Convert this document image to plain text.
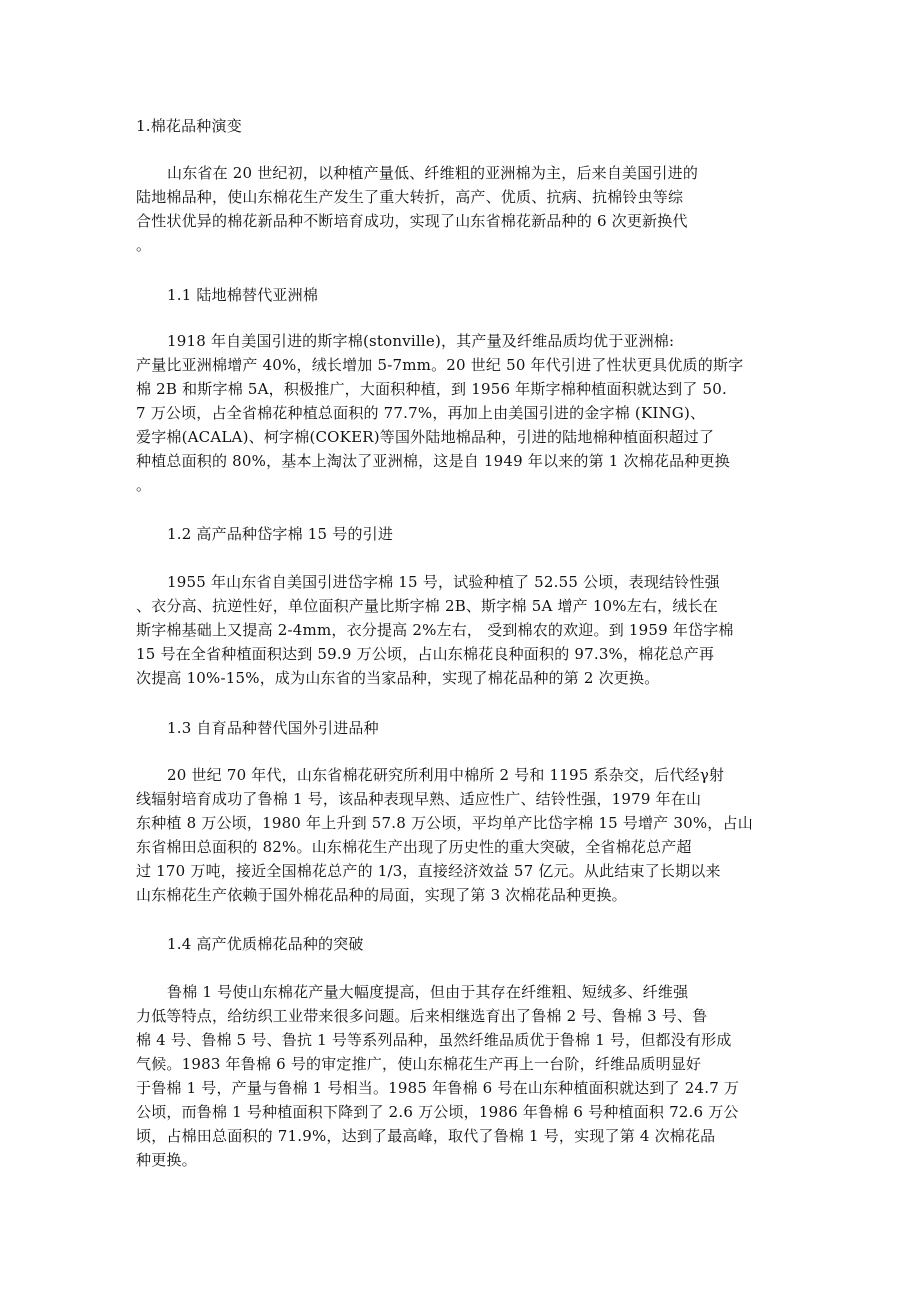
1.棉花品种演变
山东省在 20 世纪初，以种植产量低、纤维粗的亚洲棉为主，后来自美国引进的
陆地棉品种，使山东棉花生产发生了重大转折，高产、优质、抗病、抗棉铃虫等综
合性状优异的棉花新品种不断培育成功，实现了山东省棉花新品种的 6 次更新换代
。
1.1 陆地棉替代亚洲棉
1918 年自美国引进的斯字棉(stonville)，其产量及纤维品质均优于亚洲棉:
产量比亚洲棉增产 40%，绒长增加 5-7mm。20 世纪 50 年代引进了性状更具优质的斯字
棉 2B 和斯字棉 5A，积极推广，大面积种植，到 1956 年斯字棉种植面积就达到了 50.
7 万公顷，占全省棉花种植总面积的 77.7%，再加上由美国引进的金字棉 (KING)、
爱字棉(ACALA)、柯字棉(COKER)等国外陆地棉品种，引进的陆地棉种植面积超过了
种植总面积的 80%，基本上淘汰了亚洲棉，这是自 1949 年以来的第 1 次棉花品种更换
。
1.2 高产品种岱字棉 15 号的引进
1955 年山东省自美国引进岱字棉 15 号，试验种植了 52.55 公顷，表现结铃性强
、衣分高、抗逆性好，单位面积产量比斯字棉 2B、斯字棉 5A 增产 10%左右，绒长在
斯字棉基础上又提高 2-4mm，衣分提高 2%左右， 受到棉农的欢迎。到 1959 年岱字棉
15 号在全省种植面积达到 59.9 万公顷，占山东棉花良种面积的 97.3%，棉花总产再
次提高 10%-15%，成为山东省的当家品种，实现了棉花品种的第 2 次更换。
1.3 自育品种替代国外引进品种
20 世纪 70 年代，山东省棉花研究所利用中棉所 2 号和 1195 系杂交，后代经γ射
线辐射培育成功了鲁棉 1 号，该品种表现早熟、适应性广、结铃性强，1979 年在山
东种植 8 万公顷，1980 年上升到 57.8 万公顷，平均单产比岱字棉 15 号增产 30%，占山
东省棉田总面积的 82%。山东棉花生产出现了历史性的重大突破，全省棉花总产超
过 170 万吨，接近全国棉花总产的 1/3，直接经济效益 57 亿元。从此结束了长期以来
山东棉花生产依赖于国外棉花品种的局面，实现了第 3 次棉花品种更换。
1.4 高产优质棉花品种的突破
鲁棉 1 号使山东棉花产量大幅度提高，但由于其存在纤维粗、短绒多、纤维强
力低等特点，给纺织工业带来很多问题。后来相继选育出了鲁棉 2 号、鲁棉 3 号、鲁
棉 4 号、鲁棉 5 号、鲁抗 1 号等系列品种，虽然纤维品质优于鲁棉 1 号，但都没有形成
气候。1983 年鲁棉 6 号的审定推广，使山东棉花生产再上一台阶，纤维品质明显好
于鲁棉 1 号，产量与鲁棉 1 号相当。1985 年鲁棉 6 号在山东种植面积就达到了 24.7 万
公顷，而鲁棉 1 号种植面积下降到了 2.6 万公顷，1986 年鲁棉 6 号种植面积 72.6 万公
顷，占棉田总面积的 71.9%，达到了最高峰，取代了鲁棉 1 号，实现了第 4 次棉花品
种更换。
